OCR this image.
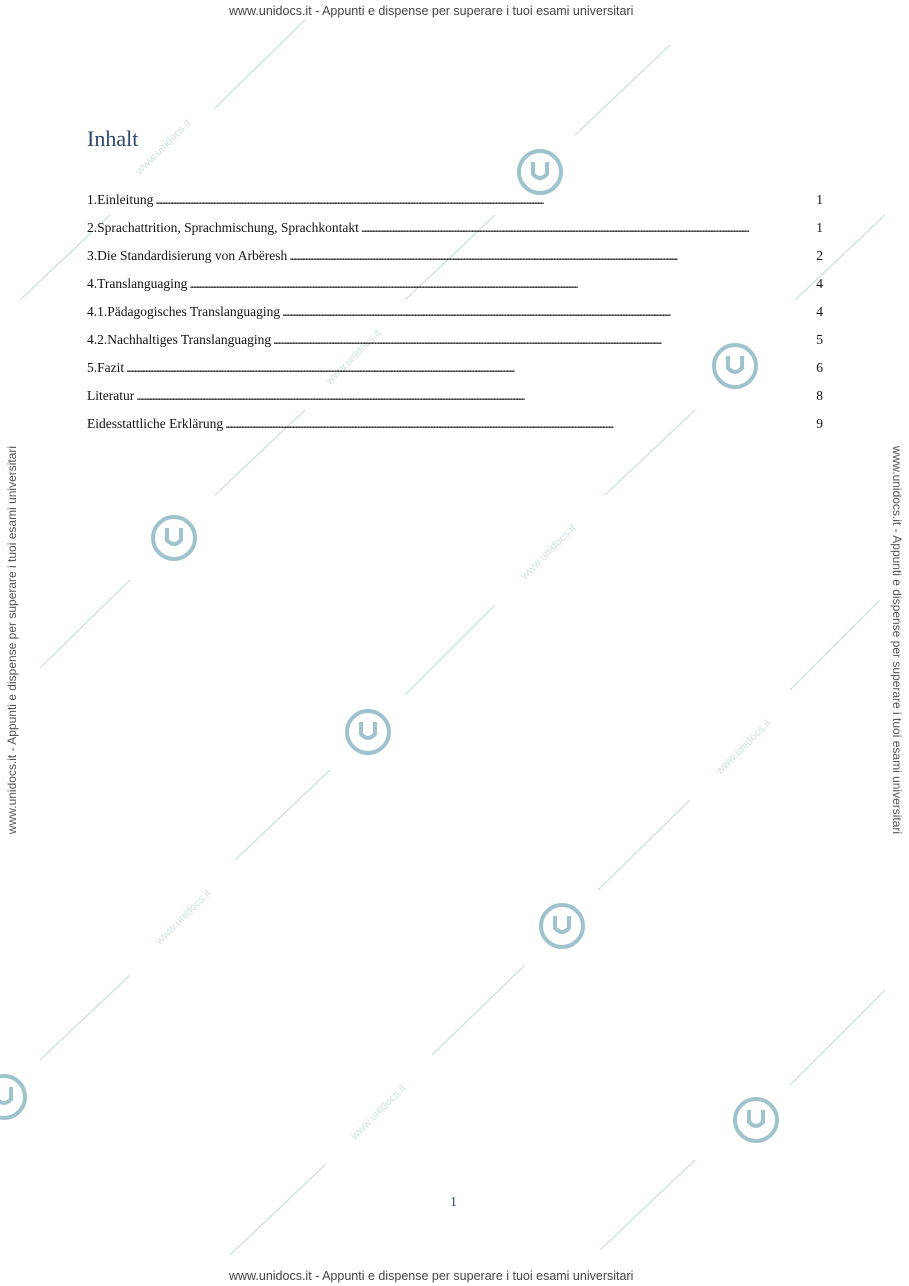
www.unidocs.it
www.unidocs.it
www.unidocs.it
www.unidocs.it
www.unidocs.it
www.unidocs.it
www.unidocs.it - Appunti e dispense per superare i tuoi esami universitari
www.unidocs.it - Appunti e dispense per superare i tuoi esami universitari
www.unidocs.it - Appunti e dispense per superare i tuoi esami universitari	www.unidocs.it - Appunti e dispense per superare i tuoi esami universitari
Inhalt
1.Einleitung . . .	1
2.Sprachattrition, Sprachmischung, Sprachkontakt . . .	1
3.Die Standardisierung von Arbëresh . . .	2
4.Translanguaging . . .	4
4.1.Pädagogisches Translanguaging . . .	4
4.2.Nachhaltiges Translanguaging . . .	5
5.Fazit . . .	6
Literatur . . .	8
Eidesstattliche Erklärung . . .	9
1
